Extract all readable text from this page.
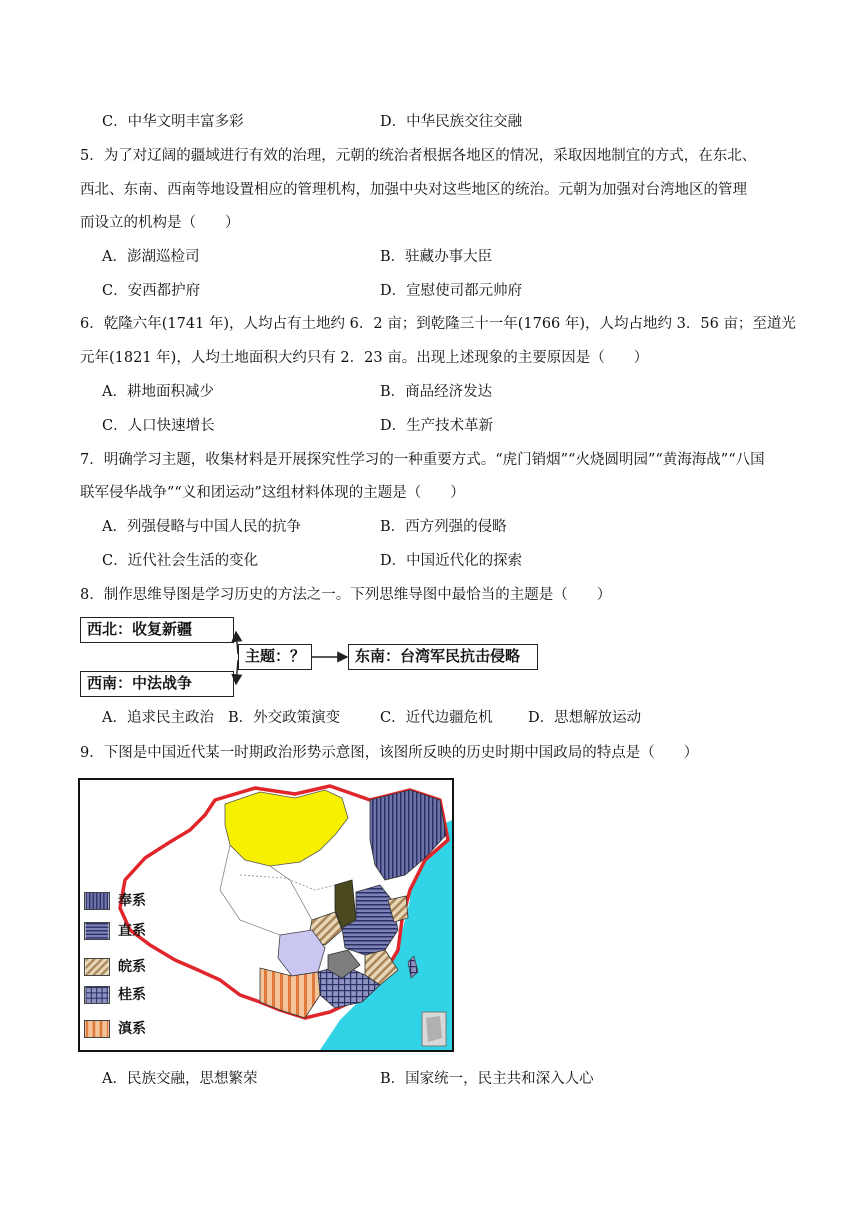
C．中华文明丰富多彩	D．中华民族交往交融
5．为了对辽阔的疆域进行有效的治理，元朝的统治者根据各地区的情况，采取因地制宜的方式，在东北、
西北、东南、西南等地设置相应的管理机构，加强中央对这些地区的统治。元朝为加强对台湾地区的管理
而设立的机构是（　　）
A．澎湖巡检司	B．驻藏办事大臣
C．安西都护府	D．宣慰使司都元帅府
6．乾隆六年(1741 年)，人均占有土地约 6．2 亩；到乾隆三十一年(1766 年)，人均占地约 3．56 亩；至道光
元年(1821 年)，人均土地面积大约只有 2．23 亩。出现上述现象的主要原因是（　　）
A．耕地面积减少	B．商品经济发达
C．人口快速增长	D．生产技术革新
7．明确学习主题，收集材料是开展探究性学习的一种重要方式。“虎门销烟”“火烧圆明园”“黄海海战”“八国
联军侵华战争”“义和团运动”这组材料体现的主题是（　　）
A．列强侵略与中国人民的抗争	B．西方列强的侵略
C．近代社会生活的变化	D．中国近代化的探索
8．制作思维导图是学习历史的方法之一。下列思维导图中最恰当的主题是（　　）
西北：收复新疆
西南：中法战争
主题：？	东南：台湾军民抗击侵略
A．追求民主政治 B．外交政策演变	C．近代边疆危机 D．思想解放运动
9．下图是中国近代某一时期政治形势示意图，该图所反映的历史时期中国政局的特点是（　　）
奉系
直系
皖系
桂系
滇系
A．民族交融，思想繁荣	B．国家统一，民主共和深入人心
